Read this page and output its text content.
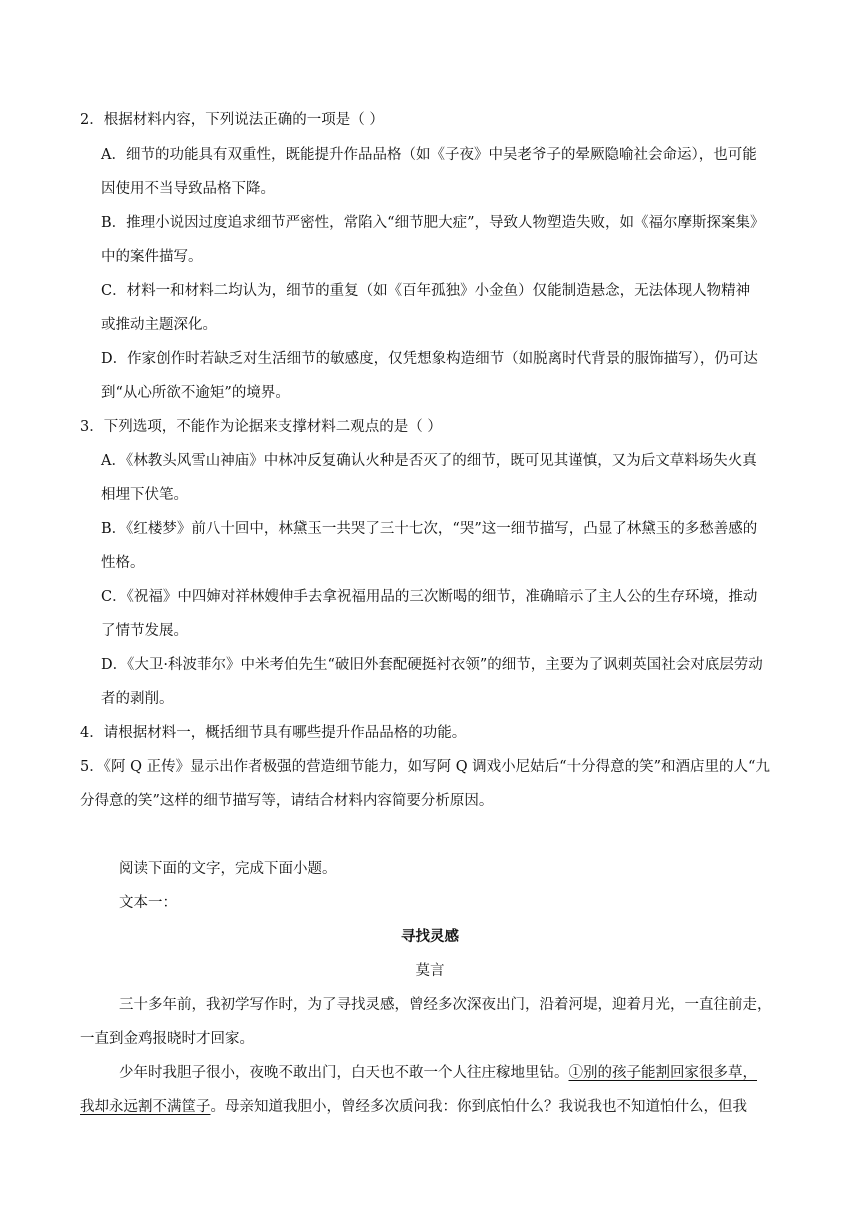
2．根据材料内容，下列说法正确的一项是（ ）
A．细节的功能具有双重性，既能提升作品品格（如《子夜》中吴老爷子的晕厥隐喻社会命运），也可能
因使用不当导致品格下降。
B．推理小说因过度追求细节严密性，常陷入“细节肥大症”，导致人物塑造失败，如《福尔摩斯探案集》
中的案件描写。
C．材料一和材料二均认为，细节的重复（如《百年孤独》小金鱼）仅能制造悬念，无法体现人物精神
或推动主题深化。
D．作家创作时若缺乏对生活细节的敏感度，仅凭想象构造细节（如脱离时代背景的服饰描写），仍可达
到“从心所欲不逾矩”的境界。
3．下列选项，不能作为论据来支撑材料二观点的是（ ）
A．《林教头风雪山神庙》中林冲反复确认火种是否灭了的细节，既可见其谨慎，又为后文草料场失火真
相埋下伏笔。
B．《红楼梦》前八十回中，林黛玉一共哭了三十七次，“哭”这一细节描写，凸显了林黛玉的多愁善感的
性格。
C．《祝福》中四婶对祥林嫂伸手去拿祝福用品的三次断喝的细节，准确暗示了主人公的生存环境，推动
了情节发展。
D．《大卫·科波菲尔》中米考伯先生“破旧外套配硬挺衬衣领”的细节，主要为了讽刺英国社会对底层劳动
者的剥削。
4．请根据材料一，概括细节具有哪些提升作品品格的功能。
5．《阿 Q 正传》显示出作者极强的营造细节能力，如写阿 Q 调戏小尼姑后“十分得意的笑”和酒店里的人“九
分得意的笑”这样的细节描写等，请结合材料内容简要分析原因。
阅读下面的文字，完成下面小题。
文本一：
寻找灵感
莫言
三十多年前，我初学写作时，为了寻找灵感，曾经多次深夜出门，沿着河堤，迎着月光，一直往前走，
一直到金鸡报晓时才回家。
少年时我胆子很小，夜晚不敢出门，白天也不敢一个人往庄稼地里钻。①别的孩子能割回家很多草，
我却永远割不满筐子。母亲知道我胆小，曾经多次质问我：你到底怕什么？我说我也不知道怕什么，但我
